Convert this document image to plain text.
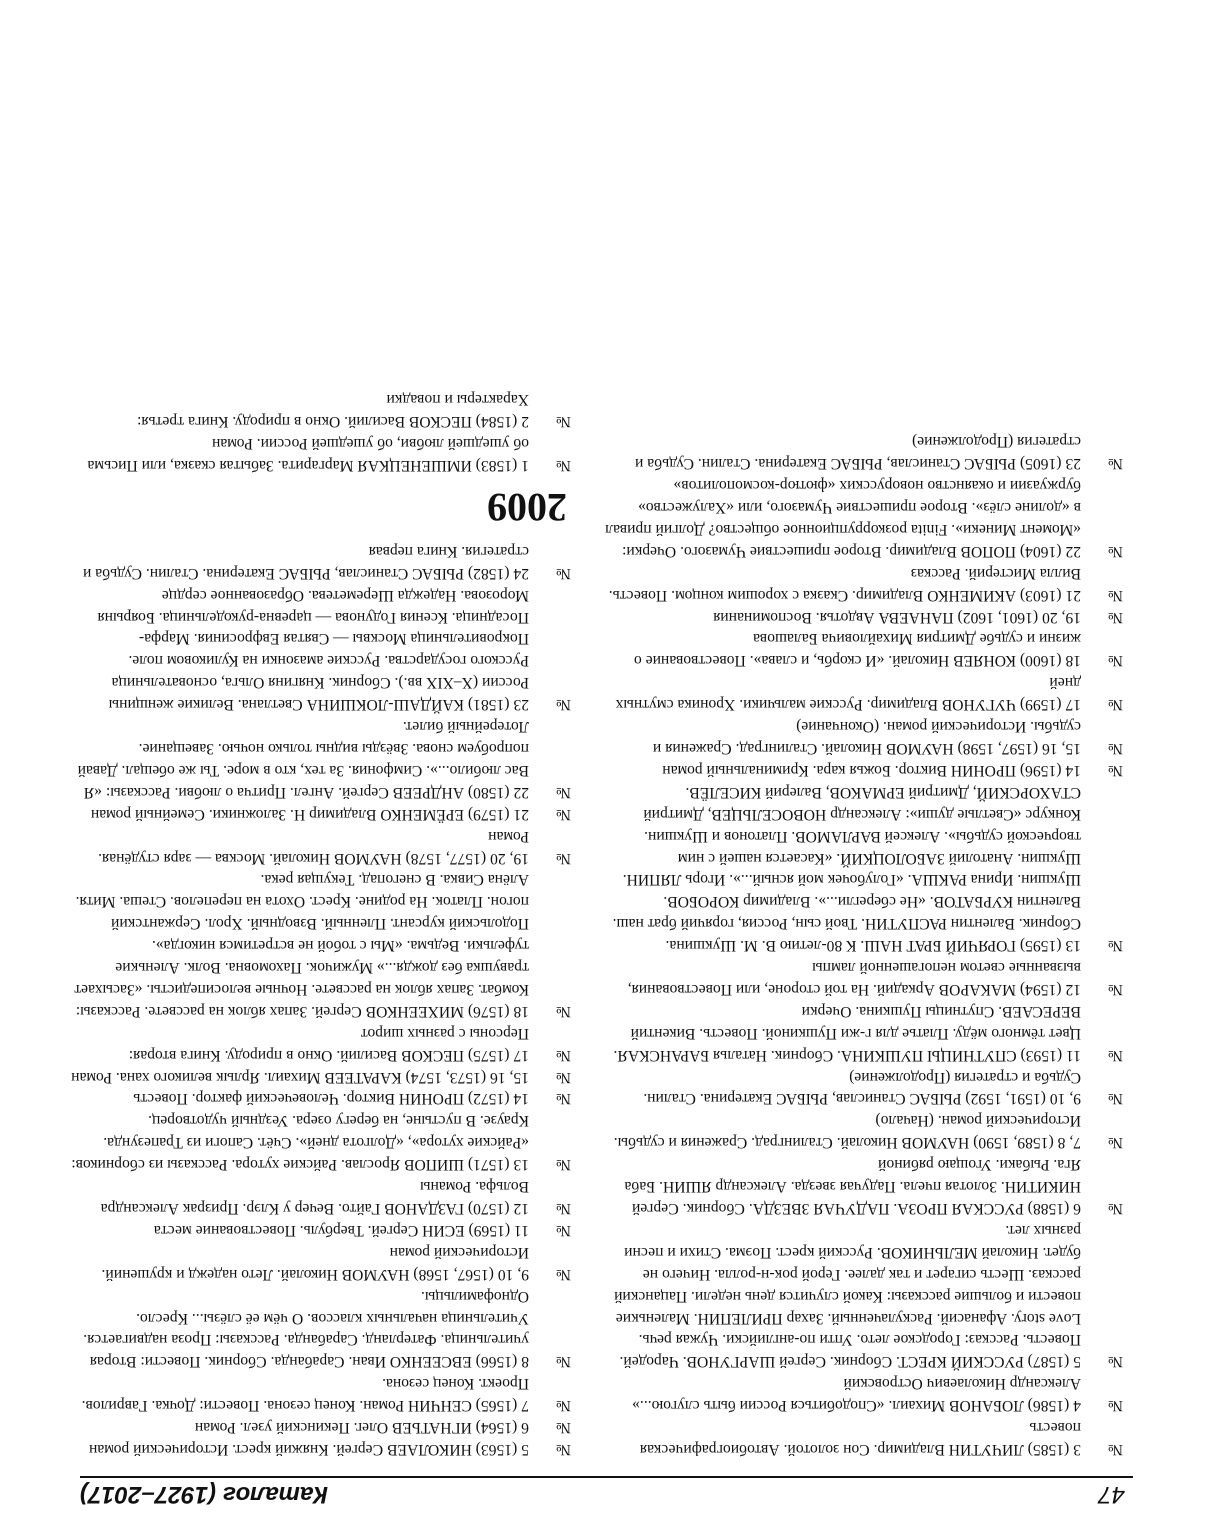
47
Каталог (1927–2017)
№
3 (1585) ЛИЧУТИН Владимир. Сон золотой. Автобиографическая повесть
№
4 (1586) ЛОБАНОВ Михаил. «Сподобиться России быть слугою...» Александр Николаевич Островский
№
5 (1587) РУССКИЙ КРЕСТ. Сборник. Сергей ШАРГУНОВ. Чародей. Повесть. Рассказ: Городское лето. Упти по-английски. Чужая речь. Love story. Афанасий. Раскулаченный. Захар ПРИЛЕПИН. Маленькие повести и большие рассказы: Какой случится день недели. Пацанский рассказ. Шесть сигарет и так далее. Герой рок-н-ролла. Ничего не будет. Николай МЕЛЬНИКОВ. Русский крест. Поэма. Стихи и песни разных лет.
№
6 (1588) РУССКАЯ ПРОЗА. ПАДУЧАЯ ЗВЕЗДА. Сборник. Сергей НИКИТИН. Золотая пчела. Падучая звезда. Александр ЯШИН. Баба Яга. Рыбаки. Угощаю рябиной
№
7, 8 (1589, 1590) НАУМОВ Николай. Сталинград. Сражения и судьбы. Исторический роман. (Начало)
№
9, 10 (1591, 1592) РЫБАС Станислав, РЫБАС Екатерина. Сталин. Судьба и стратегия (Продолжение)
№
11 (1593) СПУТНИЦЫ ПУШКИНА. Сборник. Наталья БАРАНСКАЯ. Цвет тёмного мёду. Платье для г-жи Пушкиной. Повесть. Викентий ВЕРЕСАЕВ. Спутницы Пушкина. Очерки
№
12 (1594) МАКАРОВ Аркадий. На той стороне, или Повествования, вызванные светом непогашенной лампы
№
13 (1595) ГОРЯЧИЙ БРАТ НАШ. К 80-летию В. М. Шукшина. Сборник. Валентин РАСПУТИН. Твой сын, Россия, горячий брат наш. Валентин КУРБАТОВ. «Не сберегли...». Владимир КОРОБОВ. Шукшин. Ирина РАКША. «Голубочек мой ясный...». Игорь ЛЯПИН. Шукшин. Анатолий ЗАБОЛОЦКИЙ. «Касается нашей с ним творческой судьбы». Алексей ВАРЛАМОВ. Платонов и Шукшин. Конкурс «Светлые души»: Александр НОВОСЕЛЬЦЕВ, Дмитрий СТАХОРСКИЙ, Дмитрий ЕРМАКОВ, Валерий КИСЕЛЁВ.
№
14 (1596) ПРОНИН Виктор. Божья кара. Криминальный роман
№
15, 16 (1597, 1598) НАУМОВ Николай. Сталинград. Сражения и судьбы. Исторический роман. (Окончание)
№
17 (1599) ЧУГУНОВ Владимир. Русские мальчики. Хроника смутных дней
№
18 (1600) КОНЯЕВ Николай. «И скорбь, и слава». Повествование о жизни и судьбе Дмитрия Михайловича Балашова
№
19, 20 (1601, 1602) ПАНАЕВА Авдотья. Воспоминания
№
21 (1603) АКИМЕНКО Владимир. Сказка с хорошим концом. Повесть. Вилла Мистерий. Рассказ
№
22 (1604) ПОПОВ Владимир. Второе пришествие Чумазого. Очерки: «Момент Минеки». Finita розкоррупционное общество? Долгий привал в «долине слёз». Второе пришествие Чумазого, или «Халужество» буржуазии и окаянство новорусских «фютюр-космополитов»
№
23 (1605) РЫБАС Станислав, РЫБАС Екатерина. Сталин. Судьба и стратегия (Продолжение)
№
5 (1563) НИКОЛАЕВ Сергей. Княжий крест. Исторический роман
№
6 (1564) ИГНАТЬЕВ Олег. Пекинский узел. Роман
№
7 (1565) СЕНЧИН Роман. Конец сезона. Повести: Дочка. Гаврилов. Проект. Конец сезона.
№
8 (1566) ЕВСЕЕНКО Иван. Сарабанда. Сборник. Повести: Вторая учительница. Фатерланд. Сарабанда. Рассказы: Проза надвигается. Учительница начальных классов. О чём её слёзы... Кресло. Однофамильцы.
№
9, 10 (1567, 1568) НАУМОВ Николай. Лето надежд и крушений. Исторический роман
№
11 (1569) ЕСИН Сергей. Твербуль. Повествование места
№
12 (1570) ГАЗДАНОВ Гайто. Вечер у Клэр. Призрак Александра Вольфа. Романы
№
13 (1571) ШИПОВ Ярослав. Райские хутора. Рассказы из сборников: «Райские хутора», «Долгота дней». Счёт. Сапоги из Трапезунда. Краузе. В пустыне, на берегу озера. Уездный чудотворец.
№
14 (1572) ПРОНИН Виктор. Человеческий фактор. Повесть
№
15, 16 (1573, 1574) КАРАТЕЕВ Михаил. Ярлык великого хана. Роман
№
17 (1575) ПЕСКОВ Василий. Окно в природу. Книга вторая: Персоны с разных широт
№
18 (1576) МИХЕЕНКОВ Сергей. Запах яблок на рассвете. Рассказы: Комбат. Запах яблок на рассвете. Ночные велосипедисты. «Засыхает травушка без дождя...» Мужичок. Пахомовна. Волк. Аленькие туфельки. Ведьма. «Мы с тобой не встретимся никогда». Подольский курсант. Пленный. Взводный. Хрол. Сержантский погон. Платок. На родине. Крест. Охота на перепелов. Стеша. Митя. Алёна Сивка. В снегопад. Текущая река.
№
19, 20 (1577, 1578) НАУМОВ Николай. Москва — заря студёная. Роман
№
21 (1579) ЕРЁМЕНКО Владимир Н. Заложники. Семейный роман
№
22 (1580) АНДРЕЕВ Сергей. Ангел. Притча о любви. Рассказы: «Я Вас любило...». Симфония. За тех, кто в море. Ты же обещал. Давай попробуем снова. Звёзды видны только ночью. Завещание. Лотерейный билет.
№
23 (1581) КАЙДАШ-ЛОКШИНА Светлана. Великие женщины России (X–XIX вв.). Сборник. Княгиня Ольга, основательница Русского государства. Русские амазонки на Куликовом поле. Покровительница Москвы — Святая Евфросиния. Марфа-Посадница. Ксения Годунова — царевна-рукодельница. Боярыня Морозова. Надежда Шереметева. Образованное сердце
№
24 (1582) РЫБАС Станислав, РЫБАС Екатерина. Сталин. Судьба и стратегия. Книга первая
2009
№
1 (1583) ИМШЕНЕЦКАЯ Маргарита. Забытая сказка, или Письма об ушедшей любви, об ушедшей России. Роман
№
2 (1584) ПЕСКОВ Василий. Окно в природу. Книга третья: Характеры и повадки
